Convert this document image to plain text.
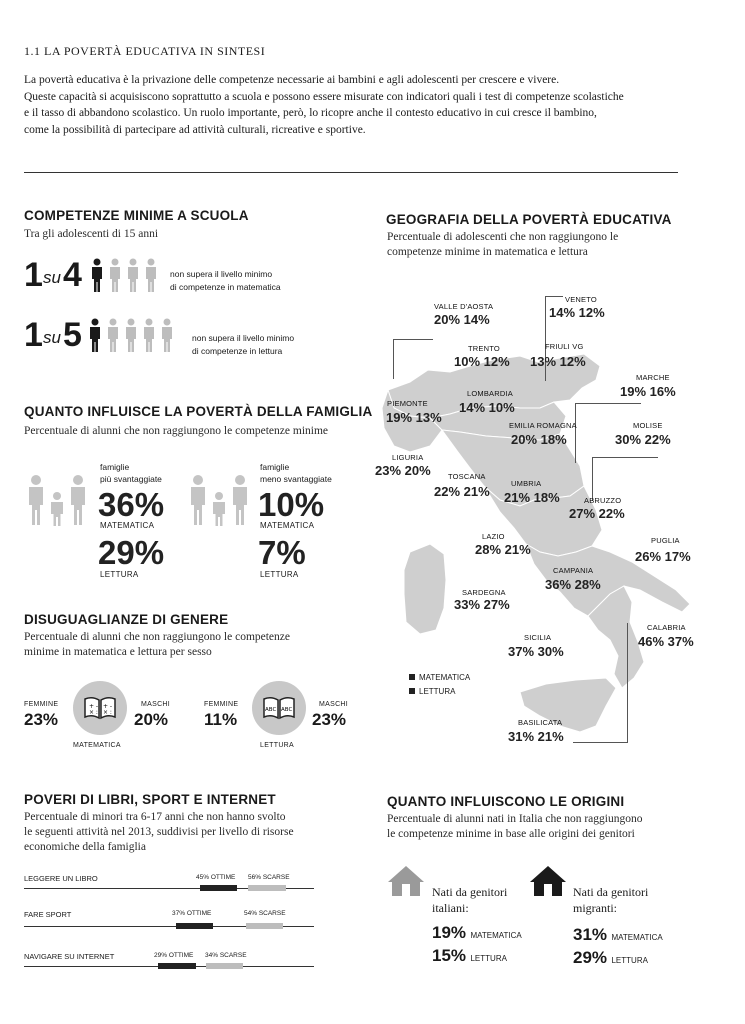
1.1 LA POVERTÀ EDUCATIVA IN SINTESI
La povertà educativa è la privazione delle competenze necessarie ai bambini e agli adolescenti per crescere e vivere.
Queste capacità si acquisiscono soprattutto a scuola e possono essere misurate con indicatori quali i test di competenze scolastiche
e il tasso di abbandono scolastico. Un ruolo importante, però, lo ricopre anche il contesto educativo in cui cresce il bambino,
come la possibilità di partecipare ad attività culturali, ricreative e sportive.
COMPETENZE MINIME A SCUOLA
Tra gli adolescenti di 15 anni
1 su 4	non supera il livello minimo
di competenze in matematica
1 su 5	non supera il livello minimo
di competenze in lettura
QUANTO INFLUISCE LA POVERTÀ DELLA FAMIGLIA
Percentuale di alunni che non raggiungono le competenze minime
famiglie
più svantaggiate
36%
MATEMATICA
29%
LETTURA
famiglie
meno svantaggiate
10%
MATEMATICA
7%
LETTURA
DISUGUAGLIANZE DI GENERE
Percentuale di alunni che non raggiungono le competenze
minime in matematica e lettura per sesso
FEMMINE
23%
+ -
× :
+ -
× :
MASCHI
20%
MATEMATICA
FEMMINE
11%	ABC ABC
MASCHI
23%
LETTURA
POVERI DI LIBRI, SPORT E INTERNET
Percentuale di minori tra 6-17 anni che non hanno svolto
le seguenti attività nel 2013, suddivisi per livello di risorse
economiche della famiglia
LEGGERE UN LIBRO	45% OTTIME 56% SCARSE
FARE SPORT	37% OTTIME	54% SCARSE
NAVIGARE SU INTERNET	29% OTTIME 34% SCARSE
GEOGRAFIA DELLA POVERTÀ EDUCATIVA
Percentuale di adolescenti che non raggiungono le
competenze minime in matematica e lettura
VALLE D'AOSTA
20% 14%
VENETO
14% 12%
TRENTO
10% 12%
FRIULI VG
13% 12%
MARCHE
19% 16%
LOMBARDIA
14% 10%
PIEMONTE
19% 13%
EMILIA ROMAGNA
20% 18%
MOLISE
30% 22%
LIGURIA
23% 20% TOSCANA
22% 21%
UMBRIA
21% 18%	ABRUZZO
27% 22%
LAZIO
28% 21%
PUGLIA
26% 17%
CAMPANIA
36% 28%
SARDEGNA
33% 27%
CALABRIA
46% 37%
SICILIA
37% 30%
BASILICATA
31% 21%
MATEMATICA
LETTURA
QUANTO INFLUISCONO LE ORIGINI
Percentuale di alunni nati in Italia che non raggiungono
le competenze minime in base alle origini dei genitori
Nati da genitori
italiani:
19% MATEMATICA
15% LETTURA
Nati da genitori
migranti:
31% MATEMATICA
29% LETTURA
